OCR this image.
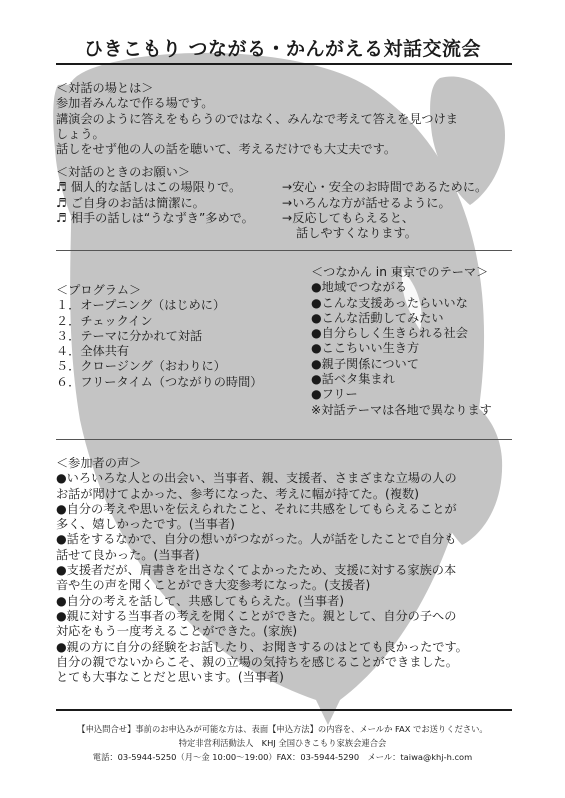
ひきこもり つながる・かんがえる対話交流会
＜対話の場とは＞
参加者みんなで作る場です。
講演会のように答えをもらうのではなく、みんなで考えて答えを見つけま
しょう。
話しをせず他の人の話を聴いて、考えるだけでも大丈夫です。
＜対話のときのお願い＞
♬ 個人的な話しはこの場限りで。	→安心・安全のお時間であるために。
♬ ご自身のお話は簡潔に。	→いろんな方が話せるように。
♬ 相手の話しは“うなずき”多めで。	→反応してもらえると、
話しやすくなります。
＜プログラム＞
１．オープニング（はじめに）
２．チェックイン
３．テーマに分かれて対話
４．全体共有
５．クロージング（おわりに）
６．フリータイム（つながりの時間）
＜つなかん in 東京でのテーマ＞
●地域でつながる
●こんな支援あったらいいな
●こんな活動してみたい
●自分らしく生きられる社会
●ここちいい生き方
●親子関係について
●話ベタ集まれ
●フリー
※対話テーマは各地で異なります
＜参加者の声＞
●いろいろな人との出会い、当事者、親、支援者、さまざまな立場の人の
お話が聞けてよかった、参考になった、考えに幅が持てた。(複数)
●自分の考えや思いを伝えられたこと、それに共感をしてもらえることが
多く、嬉しかったです。(当事者)
●話をするなかで、自分の想いがつながった。人が話をしたことで自分も
話せて良かった。(当事者)
●支援者だが、肩書きを出さなくてよかったため、支援に対する家族の本
音や生の声を聞くことができ大変参考になった。(支援者)
●自分の考えを話して、共感してもらえた。(当事者)
●親に対する当事者の考えを聞くことができた。親として、自分の子への
対応をもう一度考えることができた。(家族)
●親の方に自分の経験をお話したり、お聞きするのはとても良かったです。
自分の親でないからこそ、親の立場の気持ちを感じることができました。
とても大事なことだと思います。(当事者)
【申込問合せ】事前のお申込みが可能な方は、表面【申込方法】の内容を、メールか FAX でお送りください。
特定非営利活動法人　KHJ 全国ひきこもり家族会連合会
電話：03-5944-5250（月〜金 10:00〜19:00）FAX：03-5944-5290　メール：taiwa@khj-h.com
